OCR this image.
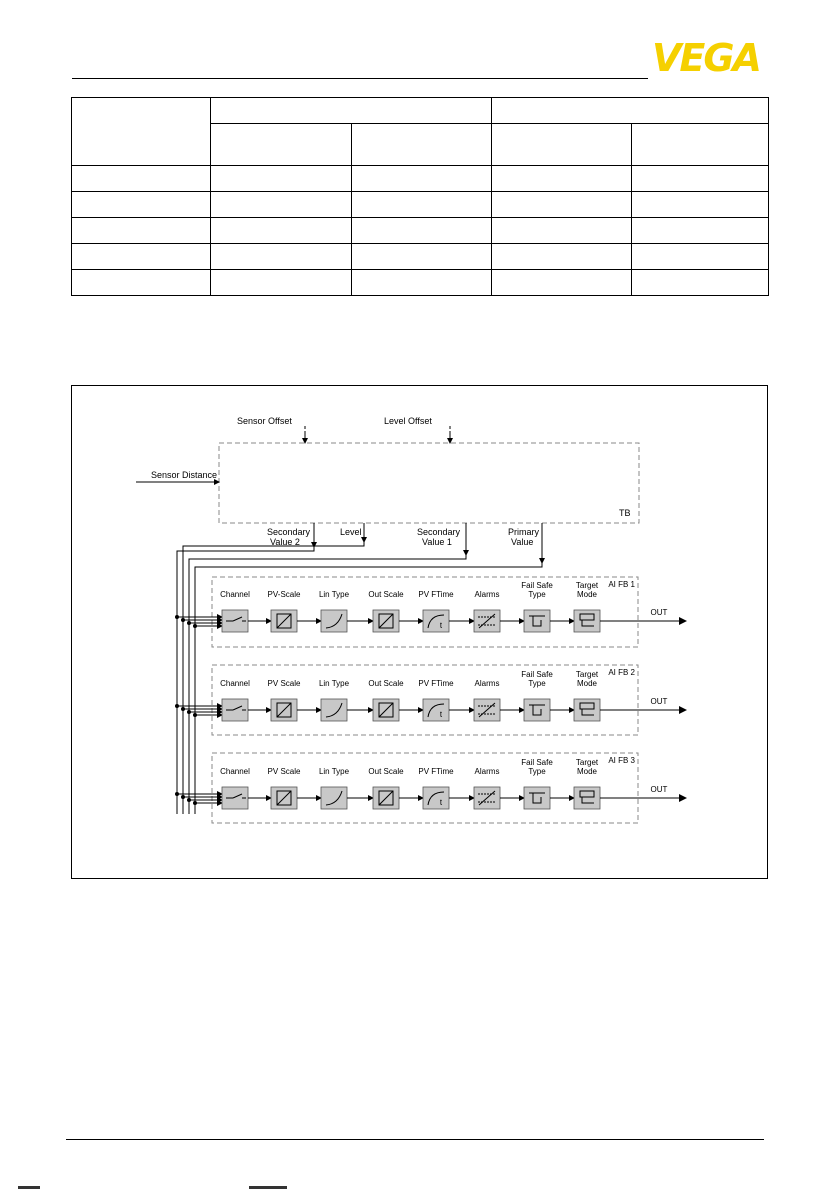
VEGA

TB
Sensor Offset	Level Offset
Sensor Distance
Secondary
Value 2
Level	Secondary
Value 1
Primary
Value
AI FB 1
Channel PV-Scale Lin Type Out Scale PV FTime
t
Alarms
Fail Safe
Type
Target
Mode
OUT
AI FB 2
Channel PV Scale Lin Type Out Scale PV FTime
t
Alarms
Fail Safe
Type
Target
Mode
OUT
AI FB 3
Channel PV Scale Lin Type Out Scale PV FTime
t
Alarms
Fail Safe
Type
Target
Mode
OUT
